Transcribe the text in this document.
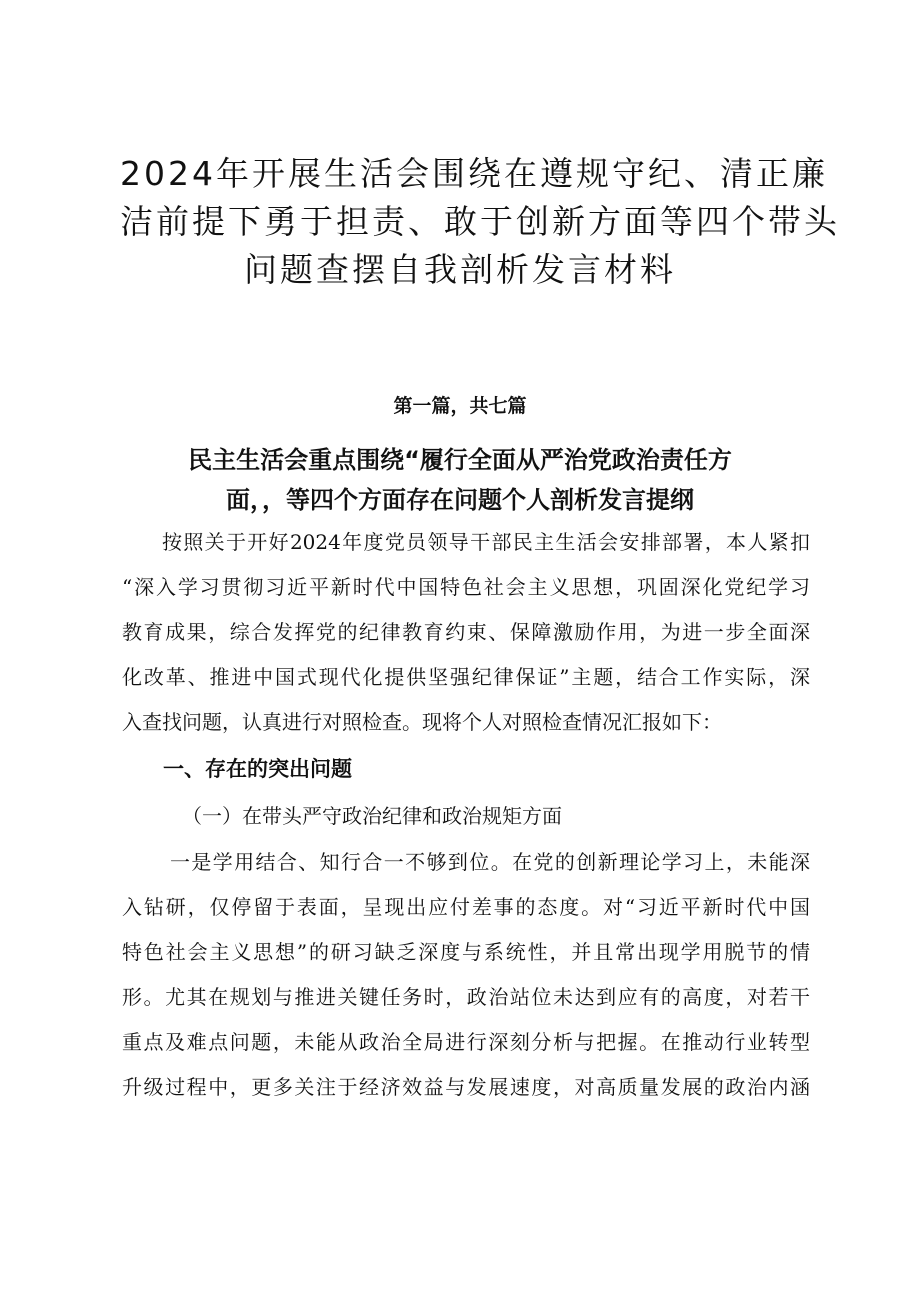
2024年开展生活会围绕在遵规守纪、清正廉
洁前提下勇于担责、敢于创新方面等四个带头
问题查摆自我剖析发言材料
第一篇，共七篇
民主生活会重点围绕“履行全面从严治党政治责任方
面，，等四个方面存在问题个人剖析发言提纲
按照关于开好2024年度党员领导干部民主生活会安排部署，本人紧扣
“深入学习贯彻习近平新时代中国特色社会主义思想，巩固深化党纪学习
教育成果，综合发挥党的纪律教育约束、保障激励作用，为进一步全面深
化改革、推进中国式现代化提供坚强纪律保证”主题，结合工作实际，深
入查找问题，认真进行对照检查。现将个人对照检查情况汇报如下：
一、存在的突出问题
（一）在带头严守政治纪律和政治规矩方面
一是学用结合、知行合一不够到位。在党的创新理论学习上，未能深
入钻研，仅停留于表面，呈现出应付差事的态度。对“习近平新时代中国
特色社会主义思想”的研习缺乏深度与系统性，并且常出现学用脱节的情
形。尤其在规划与推进关键任务时，政治站位未达到应有的高度，对若干
重点及难点问题，未能从政治全局进行深刻分析与把握。在推动行业转型
升级过程中，更多关注于经济效益与发展速度，对高质量发展的政治内涵
